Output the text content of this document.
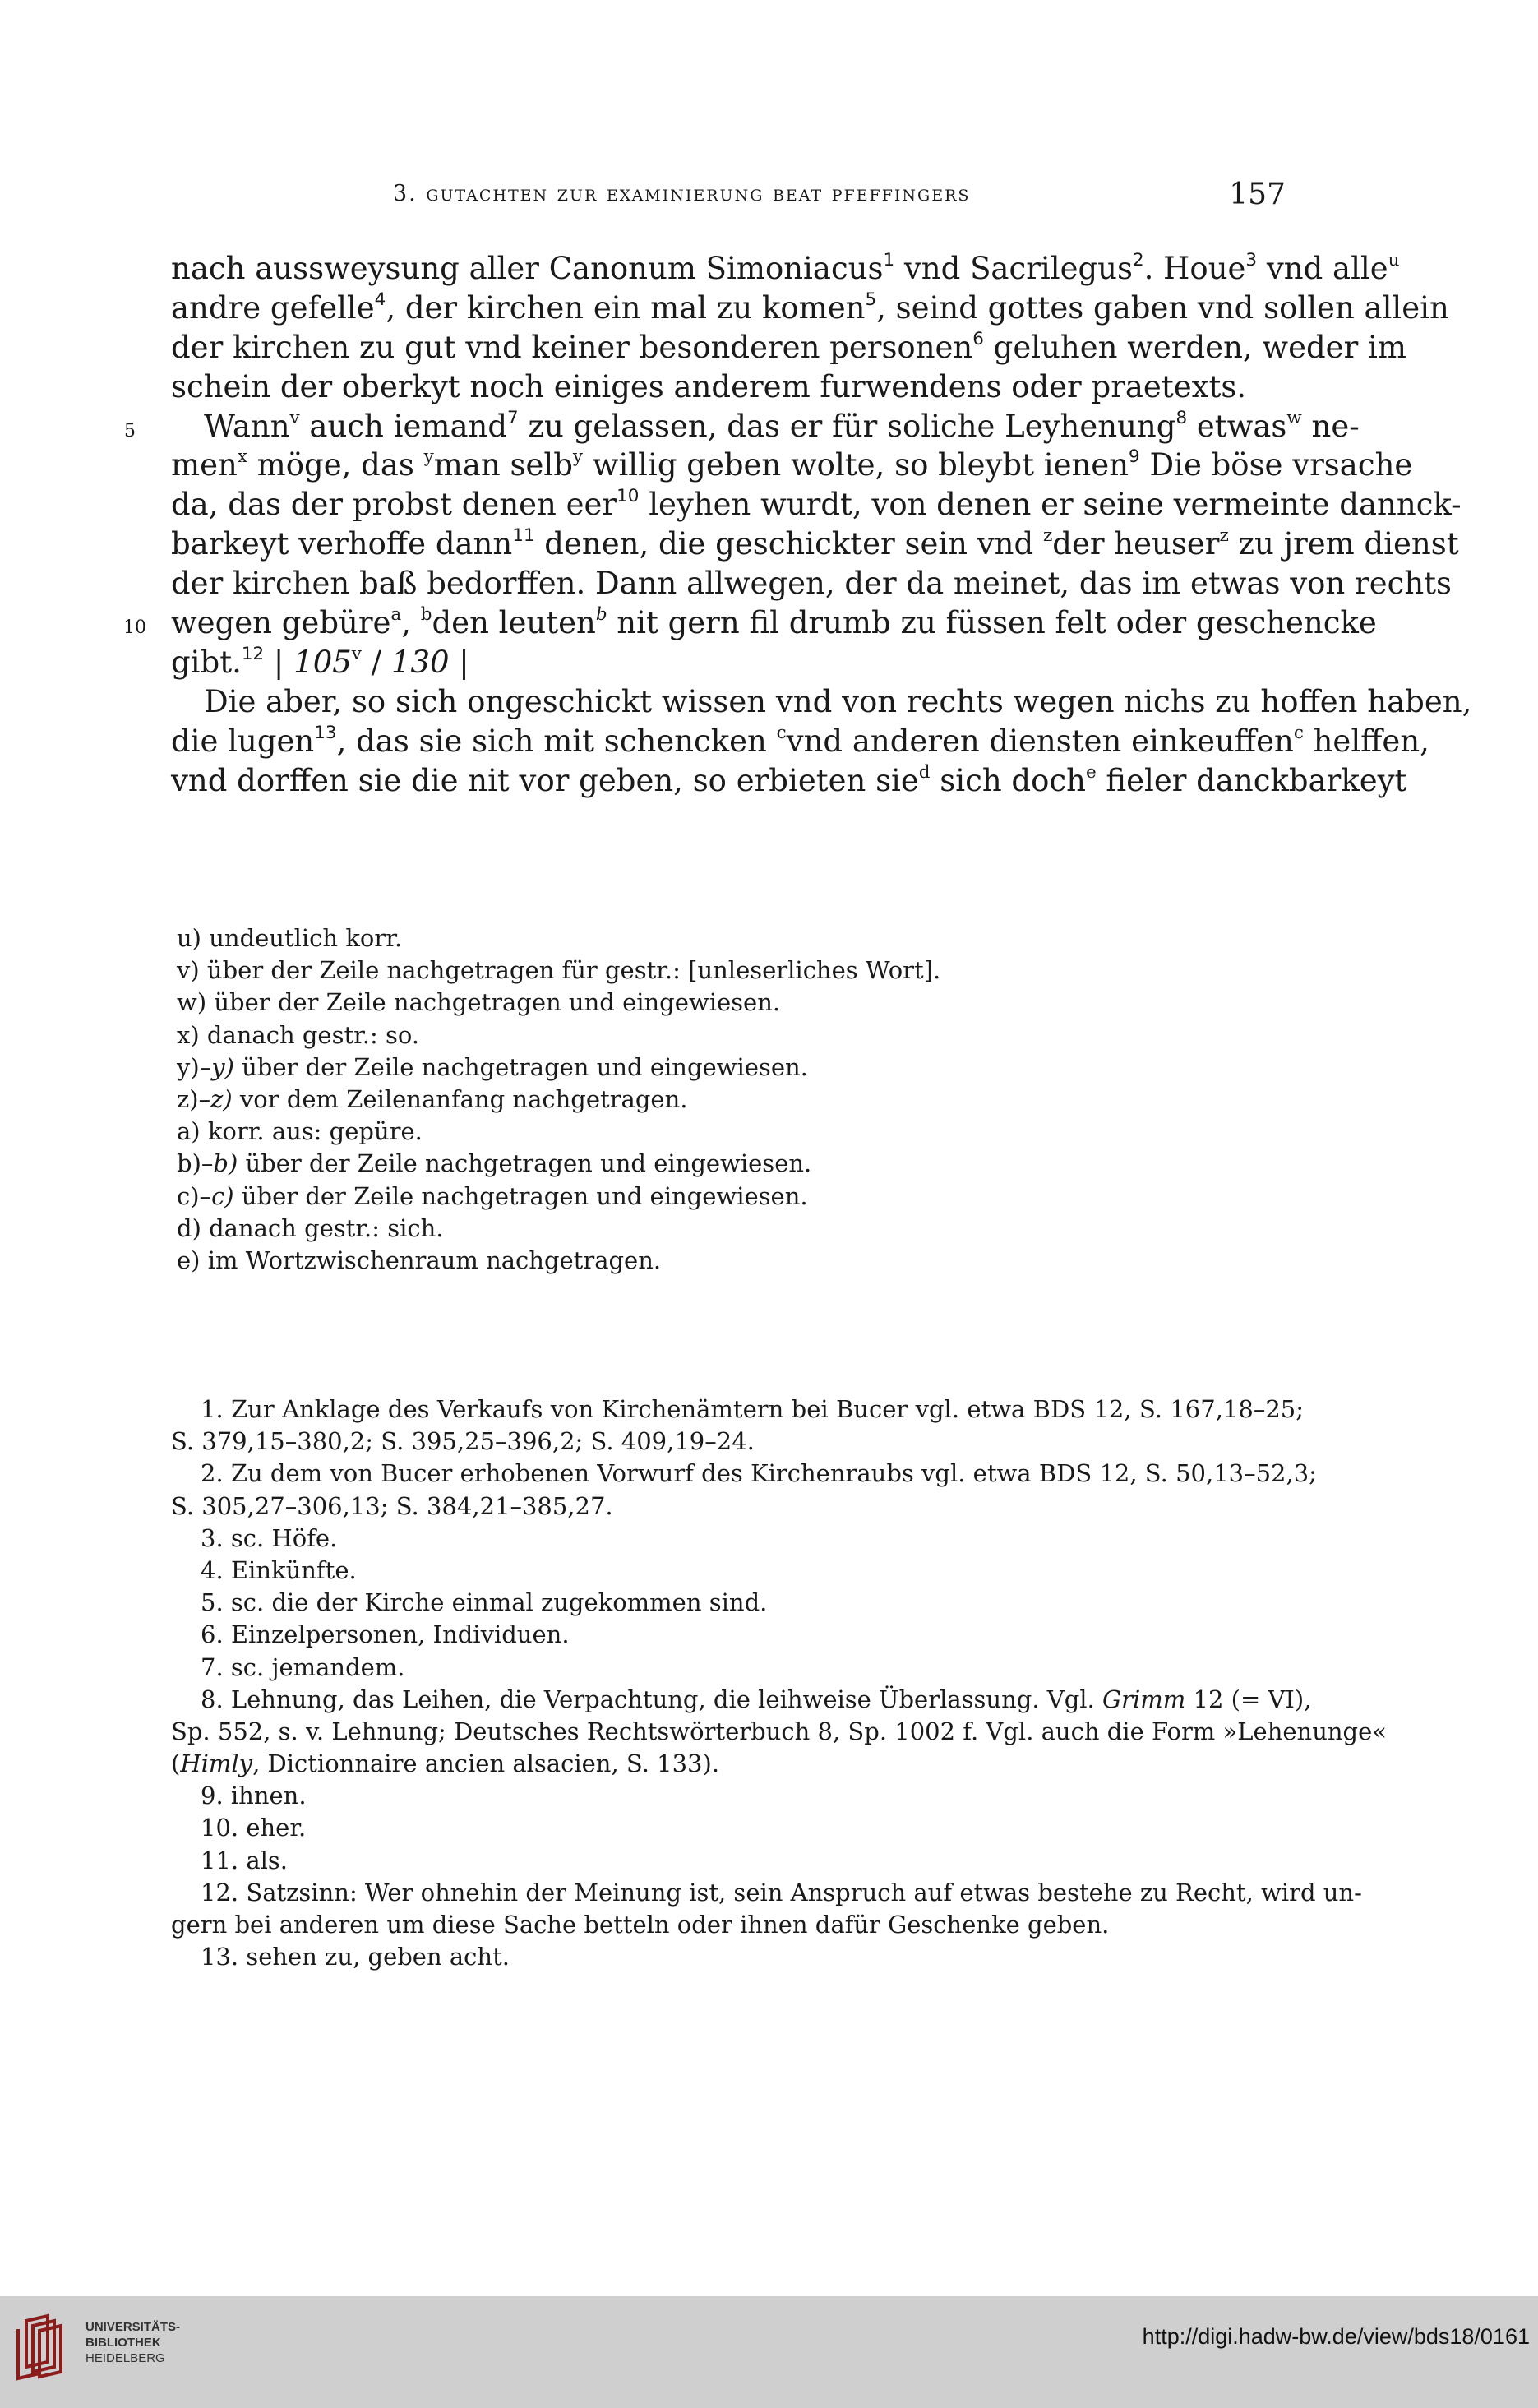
3. gutachten zur examinierung beat pfeffingers	157
nach aussweysung aller Canonum Simoniacus$^1$ vnd Sacrilegus$^2$. Houe$^3$ vnd alle$^u$
andre gefelle$^4$, der kirchen ein mal zu komen$^5$, seind gottes gaben vnd sollen allein
der kirchen zu gut vnd keiner besonderen personen$^6$ geluhen werden, weder im
schein der oberkyt noch einiges anderem furwendens oder praetexts.
5 Wann$^v$ auch iemand$^7$ zu gelassen, das er für soliche Leyhenung$^8$ etwas$^w$ ne-
men$^x$ möge, das $^y$man selb$^y$ willig geben wolte, so bleybt ienen$^9$ Die böse vrsache
da, das der probst denen eer$^{10}$ leyhen wurdt, von denen er seine vermeinte dannck-
barkeyt verhoffe dann$^{11}$ denen, die geschickter sein vnd $^z$der heuser$^z$ zu jrem dienst
der kirchen baß bedorffen. Dann allwegen, der da meinet, das im etwas von rechts
10 wegen gebüre$^a$, $^b$den leuten$^b$ nit gern fil drumb zu füssen felt oder geschencke
gibt.$^{12}$ | 105$^v$ / 130 |
Die aber, so sich ongeschickt wissen vnd von rechts wegen nichs zu hoffen haben,
die lugen$^{13}$, das sie sich mit schencken $^c$vnd anderen diensten einkeuffen$^c$ helffen,
vnd dorffen sie die nit vor geben, so erbieten sie$^d$ sich doch$^e$ fieler danckbarkeyt
u) undeutlich korr.
v) über der Zeile nachgetragen für gestr.: [unleserliches Wort].
w) über der Zeile nachgetragen und eingewiesen.
x) danach gestr.: so.
y)–y) über der Zeile nachgetragen und eingewiesen.
z)–z) vor dem Zeilenanfang nachgetragen.
a) korr. aus: gepüre.
b)–b) über der Zeile nachgetragen und eingewiesen.
c)–c) über der Zeile nachgetragen und eingewiesen.
d) danach gestr.: sich.
e) im Wortzwischenraum nachgetragen.
1. Zur Anklage des Verkaufs von Kirchenämtern bei Bucer vgl. etwa BDS 12, S. 167,18–25;
S. 379,15–380,2; S. 395,25–396,2; S. 409,19–24.
2. Zu dem von Bucer erhobenen Vorwurf des Kirchenraubs vgl. etwa BDS 12, S. 50,13–52,3;
S. 305,27–306,13; S. 384,21–385,27.
3. sc. Höfe.
4. Einkünfte.
5. sc. die der Kirche einmal zugekommen sind.
6. Einzelpersonen, Individuen.
7. sc. jemandem.
8. Lehnung, das Leihen, die Verpachtung, die leihweise Überlassung. Vgl. Grimm 12 (= VI),
Sp. 552, s. v. Lehnung; Deutsches Rechtswörterbuch 8, Sp. 1002 f. Vgl. auch die Form »Lehenunge«
(Himly, Dictionnaire ancien alsacien, S. 133).
9. ihnen.
10. eher.
11. als.
12. Satzsinn: Wer ohnehin der Meinung ist, sein Anspruch auf etwas bestehe zu Recht, wird un-
gern bei anderen um diese Sache betteln oder ihnen dafür Geschenke geben.
13. sehen zu, geben acht.
UNIVERSITÄTS-
BIBLIOTHEK
HEIDELBERG
http://digi.hadw-bw.de/view/bds18/0161
